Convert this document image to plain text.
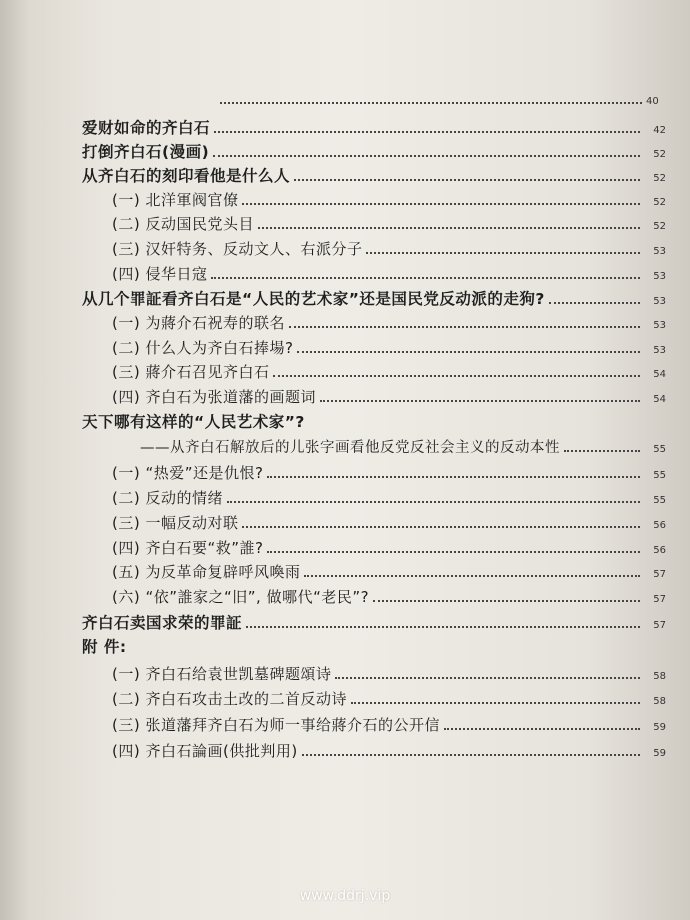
40
爱财如命的齐白石	42
打倒齐白石(漫画)	52
从齐白石的刻印看他是什么人	52
(一) 北洋軍阀官僚	52
(二) 反动国民党头目	52
(三) 汉奸特务、反动文人、右派分子	53
(四) 侵华日寇	53
从几个罪証看齐白石是“人民的艺术家”还是国民党反动派的走狗?	53
(一) 为蔣介石祝寿的联名	53
(二) 什么人为齐白石捧場?	53
(三) 蔣介石召见齐白石	54
(四) 齐白石为张道藩的画题词	54
天下哪有这样的“人民艺术家”?
——从齐白石解放后的儿张字画看他反党反社会主义的反动本性	55
(一) “热爱”还是仇恨?	55
(二) 反动的情绪	55
(三) 一幅反动对联	56
(四) 齐白石要“救”誰?	56
(五) 为反革命复辟呼风喚雨	57
(六) “依”誰家之“旧”, 做哪代“老民”?	57
齐白石卖国求荣的罪証	57
附 件:
(一) 齐白石给袁世凯墓碑题頌诗	58
(二) 齐白石攻击土改的二首反动诗	58
(三) 张道藩拜齐白石为师一事给蔣介石的公开信	59
(四) 齐白石論画(供批判用)	59
www.ddrj.vip
